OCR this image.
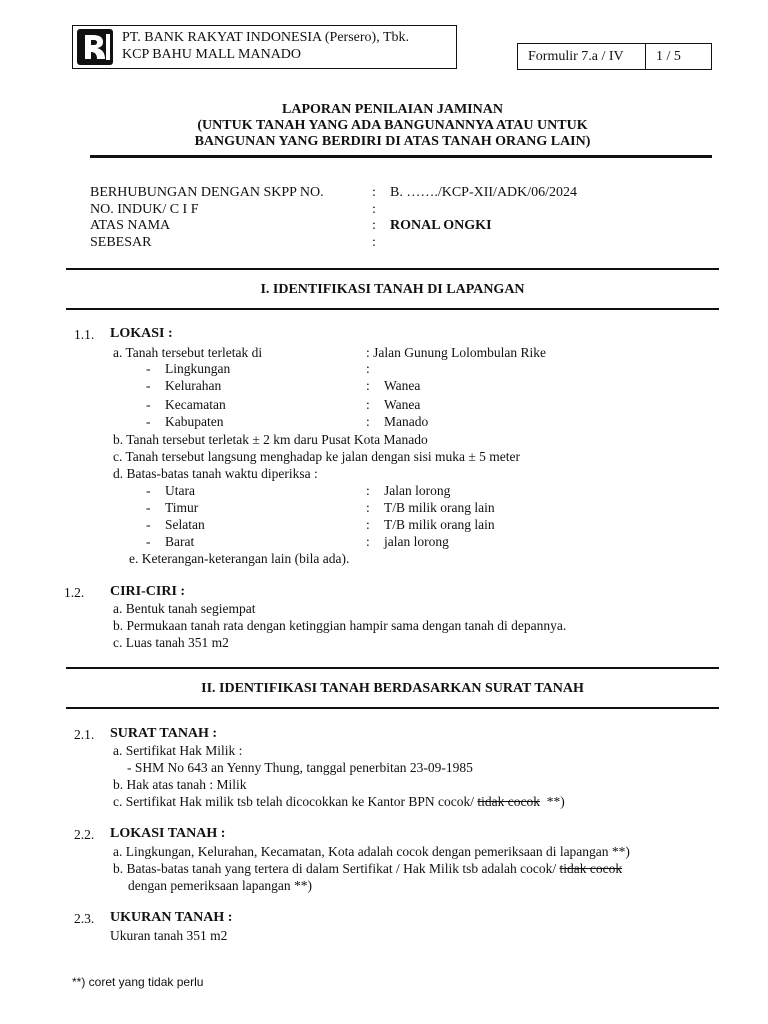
PT. BANK RAKYAT INDONESIA (Persero), Tbk.
KCP BAHU MALL MANADO	Formulir 7.a / IV 1 / 5
LAPORAN PENILAIAN JAMINAN
(UNTUK TANAH YANG ADA BANGUNANNYA ATAU UNTUK
BANGUNAN YANG BERDIRI DI ATAS TANAH ORANG LAIN)
BERHUBUNGAN DENGAN SKPP NO.	: B. ……./KCP-XII/ADK/06/2024
NO. INDUK/ C I F	:
ATAS NAMA	: RONAL ONGKI
SEBESAR	:
I. IDENTIFIKASI TANAH DI LAPANGAN
1.1. LOKASI :
a. Tanah tersebut terletak di	: Jalan Gunung Lolombulan Rike
- Lingkungan	:
- Kelurahan	: Wanea
- Kecamatan	: Wanea
- Kabupaten	: Manado
b. Tanah tersebut terletak ± 2 km daru Pusat Kota Manado
c. Tanah tersebut langsung menghadap ke jalan dengan sisi muka ± 5 meter
d. Batas-batas tanah waktu diperiksa :
- Utara	: Jalan lorong
- Timur	: T/B milik orang lain
- Selatan	: T/B milik orang lain
- Barat	: jalan lorong
e. Keterangan-keterangan lain (bila ada).
1.2. CIRI-CIRI :
a. Bentuk tanah segiempat
b. Permukaan tanah rata dengan ketinggian hampir sama dengan tanah di depannya.
c. Luas tanah 351 m2
II. IDENTIFIKASI TANAH BERDASARKAN SURAT TANAH
2.1. SURAT TANAH :
a. Sertifikat Hak Milik :
- SHM No 643 an Yenny Thung, tanggal penerbitan 23-09-1985
b. Hak atas tanah : Milik
c. Sertifikat Hak milik tsb telah dicocokkan ke Kantor BPN cocok/ tidak cocok  **)
2.2. LOKASI TANAH :
a. Lingkungan, Kelurahan, Kecamatan, Kota adalah cocok dengan pemeriksaan di lapangan **)
b. Batas-batas tanah yang tertera di dalam Sertifikat / Hak Milik tsb adalah cocok/ tidak cocok
dengan pemeriksaan lapangan **)
2.3. UKURAN TANAH :
Ukuran tanah 351 m2
**) coret yang tidak perlu
